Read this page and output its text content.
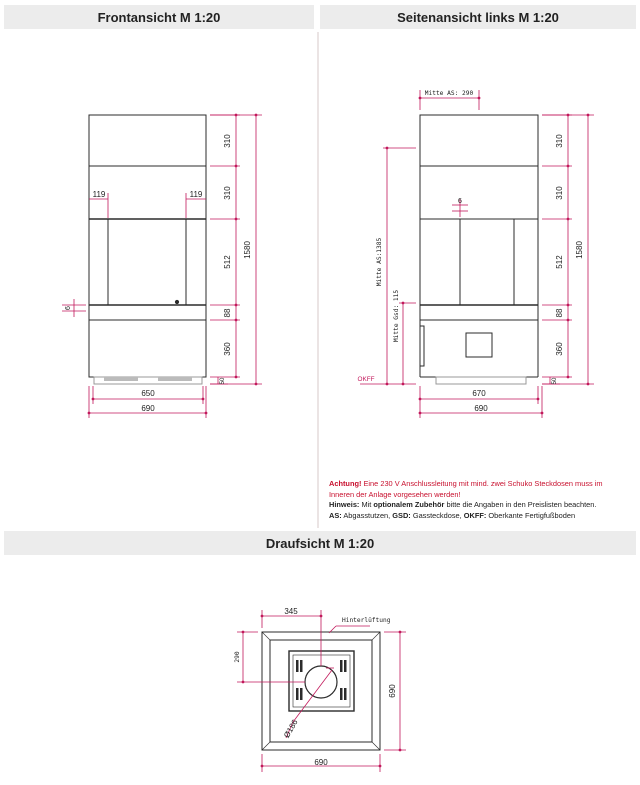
Frontansicht M 1:20	Seitenansicht links M 1:20
Draufsicht M 1:20
310
310
512
88
360
50
1580
119	119
6
650
690
Mitte AS: 290
Mitte AS:1385
Mitte Gsd: 115
OKFF
6
310
310
512
88
360
50
1580
670
690
345
Hinterlüftung
290
690
690
Ø186
Achtung! Eine 230 V Anschlussleitung mit mind. zwei Schuko Steckdosen muss im Inneren der Anlage vorgesehen werden!
Hinweis: Mit optionalem Zubehör bitte die Angaben in den Preislisten beachten.
AS: Abgasstutzen, GSD: Gassteckdose, OKFF: Oberkante Fertigfußboden
